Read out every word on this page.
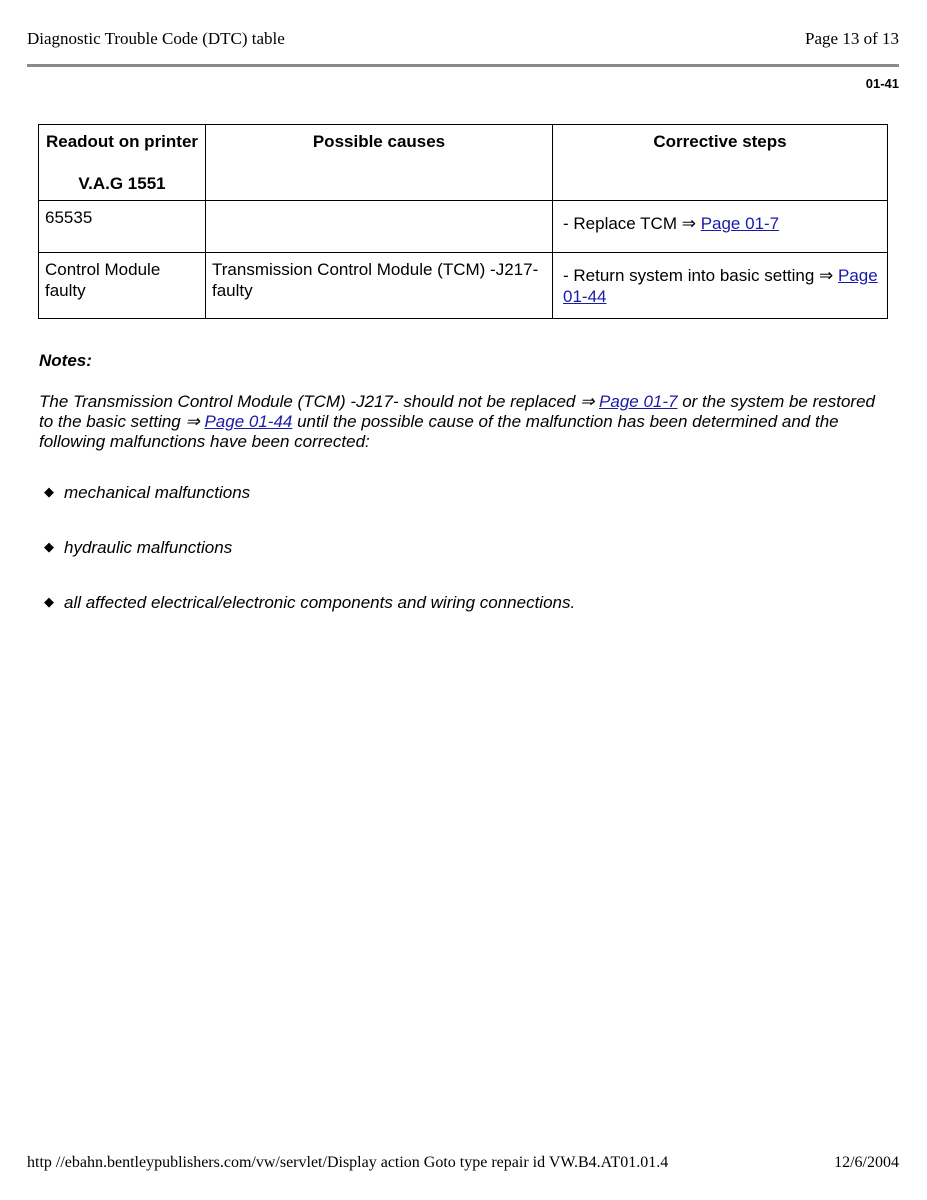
Diagnostic Trouble Code (DTC) table	Page 13 of 13
01-41
Readout on printer
V.A.G 1551	Possible causes	Corrective steps
65535		- Replace TCM ⇒ Page 01-7
Control Module faulty	Transmission Control Module (TCM) -J217- faulty	- Return system into basic setting ⇒ Page 01-44
Notes:
The Transmission Control Module (TCM) -J217- should not be replaced ⇒ Page 01-7 or the system be restored to the basic setting ⇒ Page 01-44 until the possible cause of the malfunction has been determined and the following malfunctions have been corrected:
◆ mechanical malfunctions
◆ hydraulic malfunctions
◆ all affected electrical/electronic components and wiring connections.
http //ebahn.bentleypublishers.com/vw/servlet/Display action Goto type repair id VW.B4.AT01.01.4	12/6/2004
